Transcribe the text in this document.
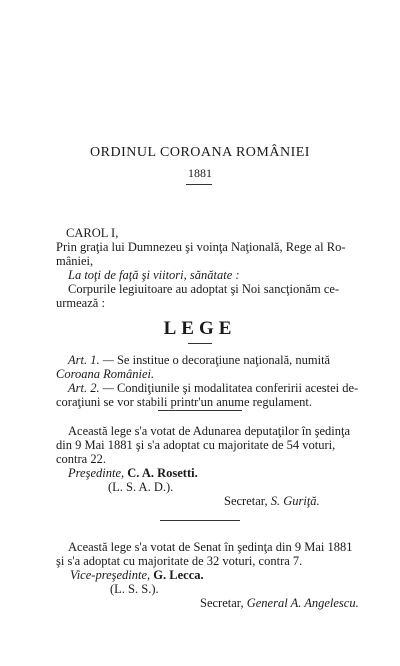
ORDINUL COROANA ROMÂNIEI
1881
CAROL I,
Prin graţia lui Dumnezeu şi voinţa Naţională, Rege al Ro-
mâniei,
La toţi de faţă şi viitori, sănătate :
Corpurile legiuitoare au adoptat şi Noi sancţionăm ce-
urmează :
LEGE
Art. 1. — Se institue o decoraţiune naţională, numită
Coroana României.
Art. 2. — Condiţiunile şi modalitatea conferirii acestei de-
coraţiuni se vor stabili printr'un anume regulament.
Această lege s'a votat de Adunarea deputaţilor în şedinţa
din 9 Mai 1881 şi s'a adoptat cu majoritate de 54 voturi,
contra 22.
Preşedinte, C. A. Rosetti.
(L. S. A. D.).
Secretar, S. Guriţă.
Această lege s'a votat de Senat în şedinţa din 9 Mai 1881
şi s'a adoptat cu majoritate de 32 voturi, contra 7.
Vice-preşedinte, G. Lecca.
(L. S. S.).
Secretar, General A. Angelescu.
